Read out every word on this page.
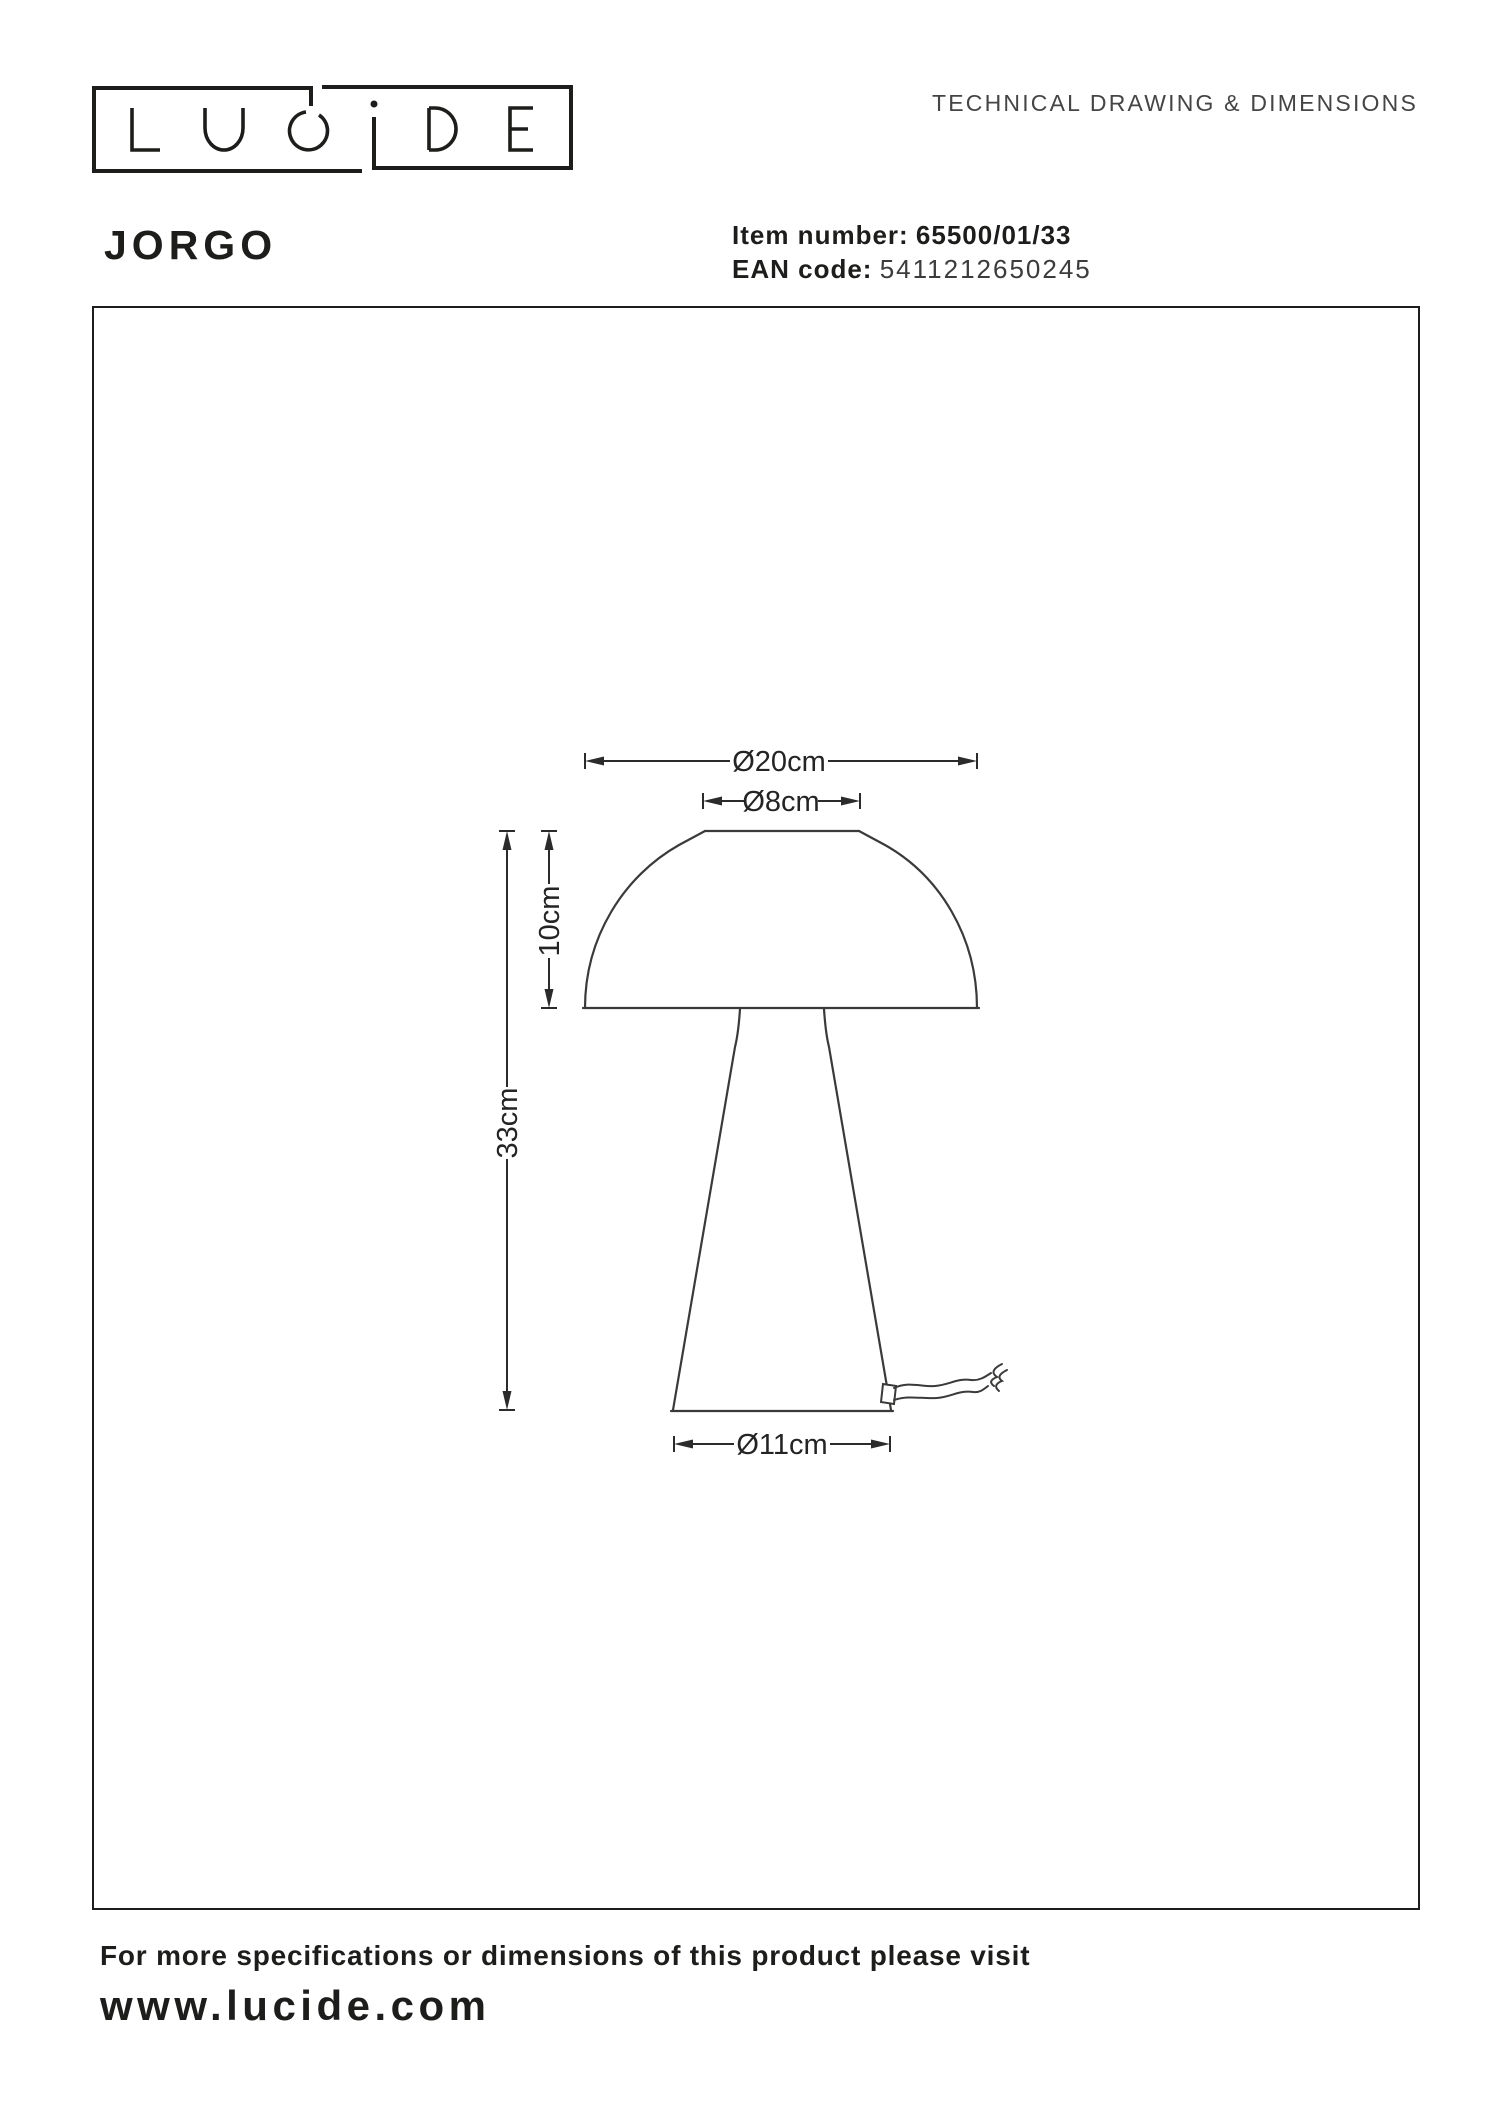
TECHNICAL DRAWING & DIMENSIONS
JORGO	Item number: 65500/01/33
EAN code: 5411212650245
Ø20cm
Ø8cm
10cm
33cm
Ø11cm
For more specifications or dimensions of this product please visit
www.lucide.com
